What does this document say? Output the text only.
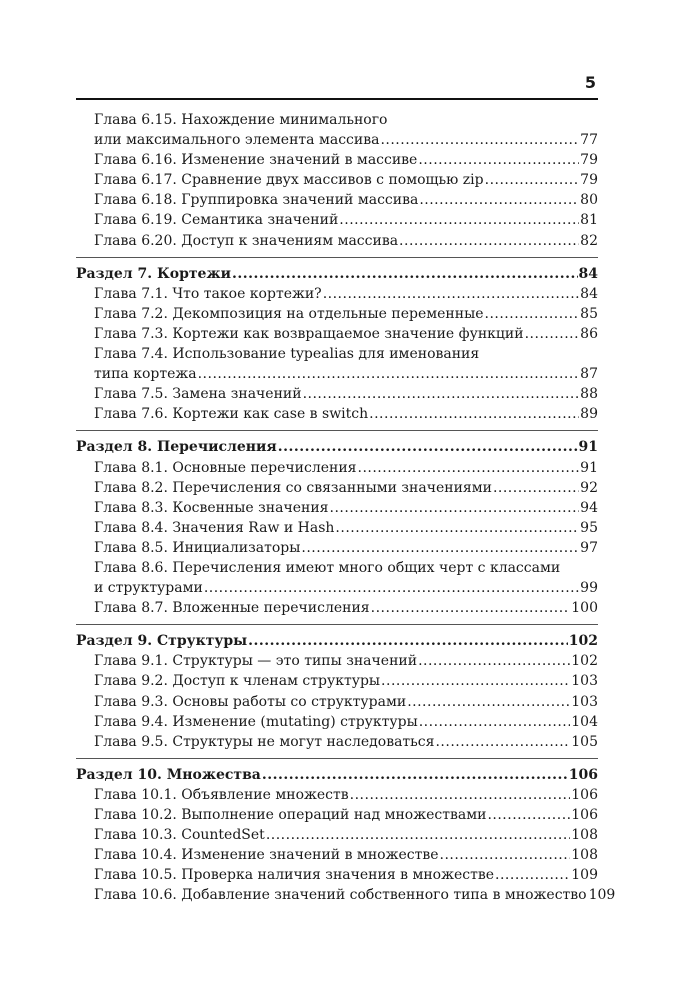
5
Глава 6.15. Нахождение минимального
или максимального элемента массива .....	77
Глава 6.16. Изменение значений в массиве .....	79
Глава 6.17. Сравнение двух массивов с помощью zip .....	79
Глава 6.18. Группировка значений массива .....	80
Глава 6.19. Семантика значений .....	81
Глава 6.20. Доступ к значениям массива .....	82
Раздел 7. Кортежи .....	84
Глава 7.1. Что такое кортежи? .....	84
Глава 7.2. Декомпозиция на отдельные переменные .....	85
Глава 7.3. Кортежи как возвращаемое значение функций .....	86
Глава 7.4. Использование typealias для именования
типа кортежа .....	87
Глава 7.5. Замена значений .....	88
Глава 7.6. Кортежи как case в switch .....	89
Раздел 8. Перечисления .....	91
Глава 8.1. Основные перечисления .....	91
Глава 8.2. Перечисления со связанными значениями .....	92
Глава 8.3. Косвенные значения .....	94
Глава 8.4. Значения Raw и Hash .....	95
Глава 8.5. Инициализаторы .....	97
Глава 8.6. Перечисления имеют много общих черт с классами
и структурами .....	99
Глава 8.7. Вложенные перечисления .....	100
Раздел 9. Структуры .....	102
Глава 9.1. Структуры — это типы значений .....	102
Глава 9.2. Доступ к членам структуры .....	103
Глава 9.3. Основы работы со структурами .....	103
Глава 9.4. Изменение (mutating) структуры .....	104
Глава 9.5. Структуры не могут наследоваться .....	105
Раздел 10. Множества .....	106
Глава 10.1. Объявление множеств .....	106
Глава 10.2. Выполнение операций над множествами .....	106
Глава 10.3. CountedSet .....	108
Глава 10.4. Изменение значений в множестве .....	108
Глава 10.5. Проверка наличия значения в множестве .....	109
Глава 10.6. Добавление значений собственного типа в множество 109
